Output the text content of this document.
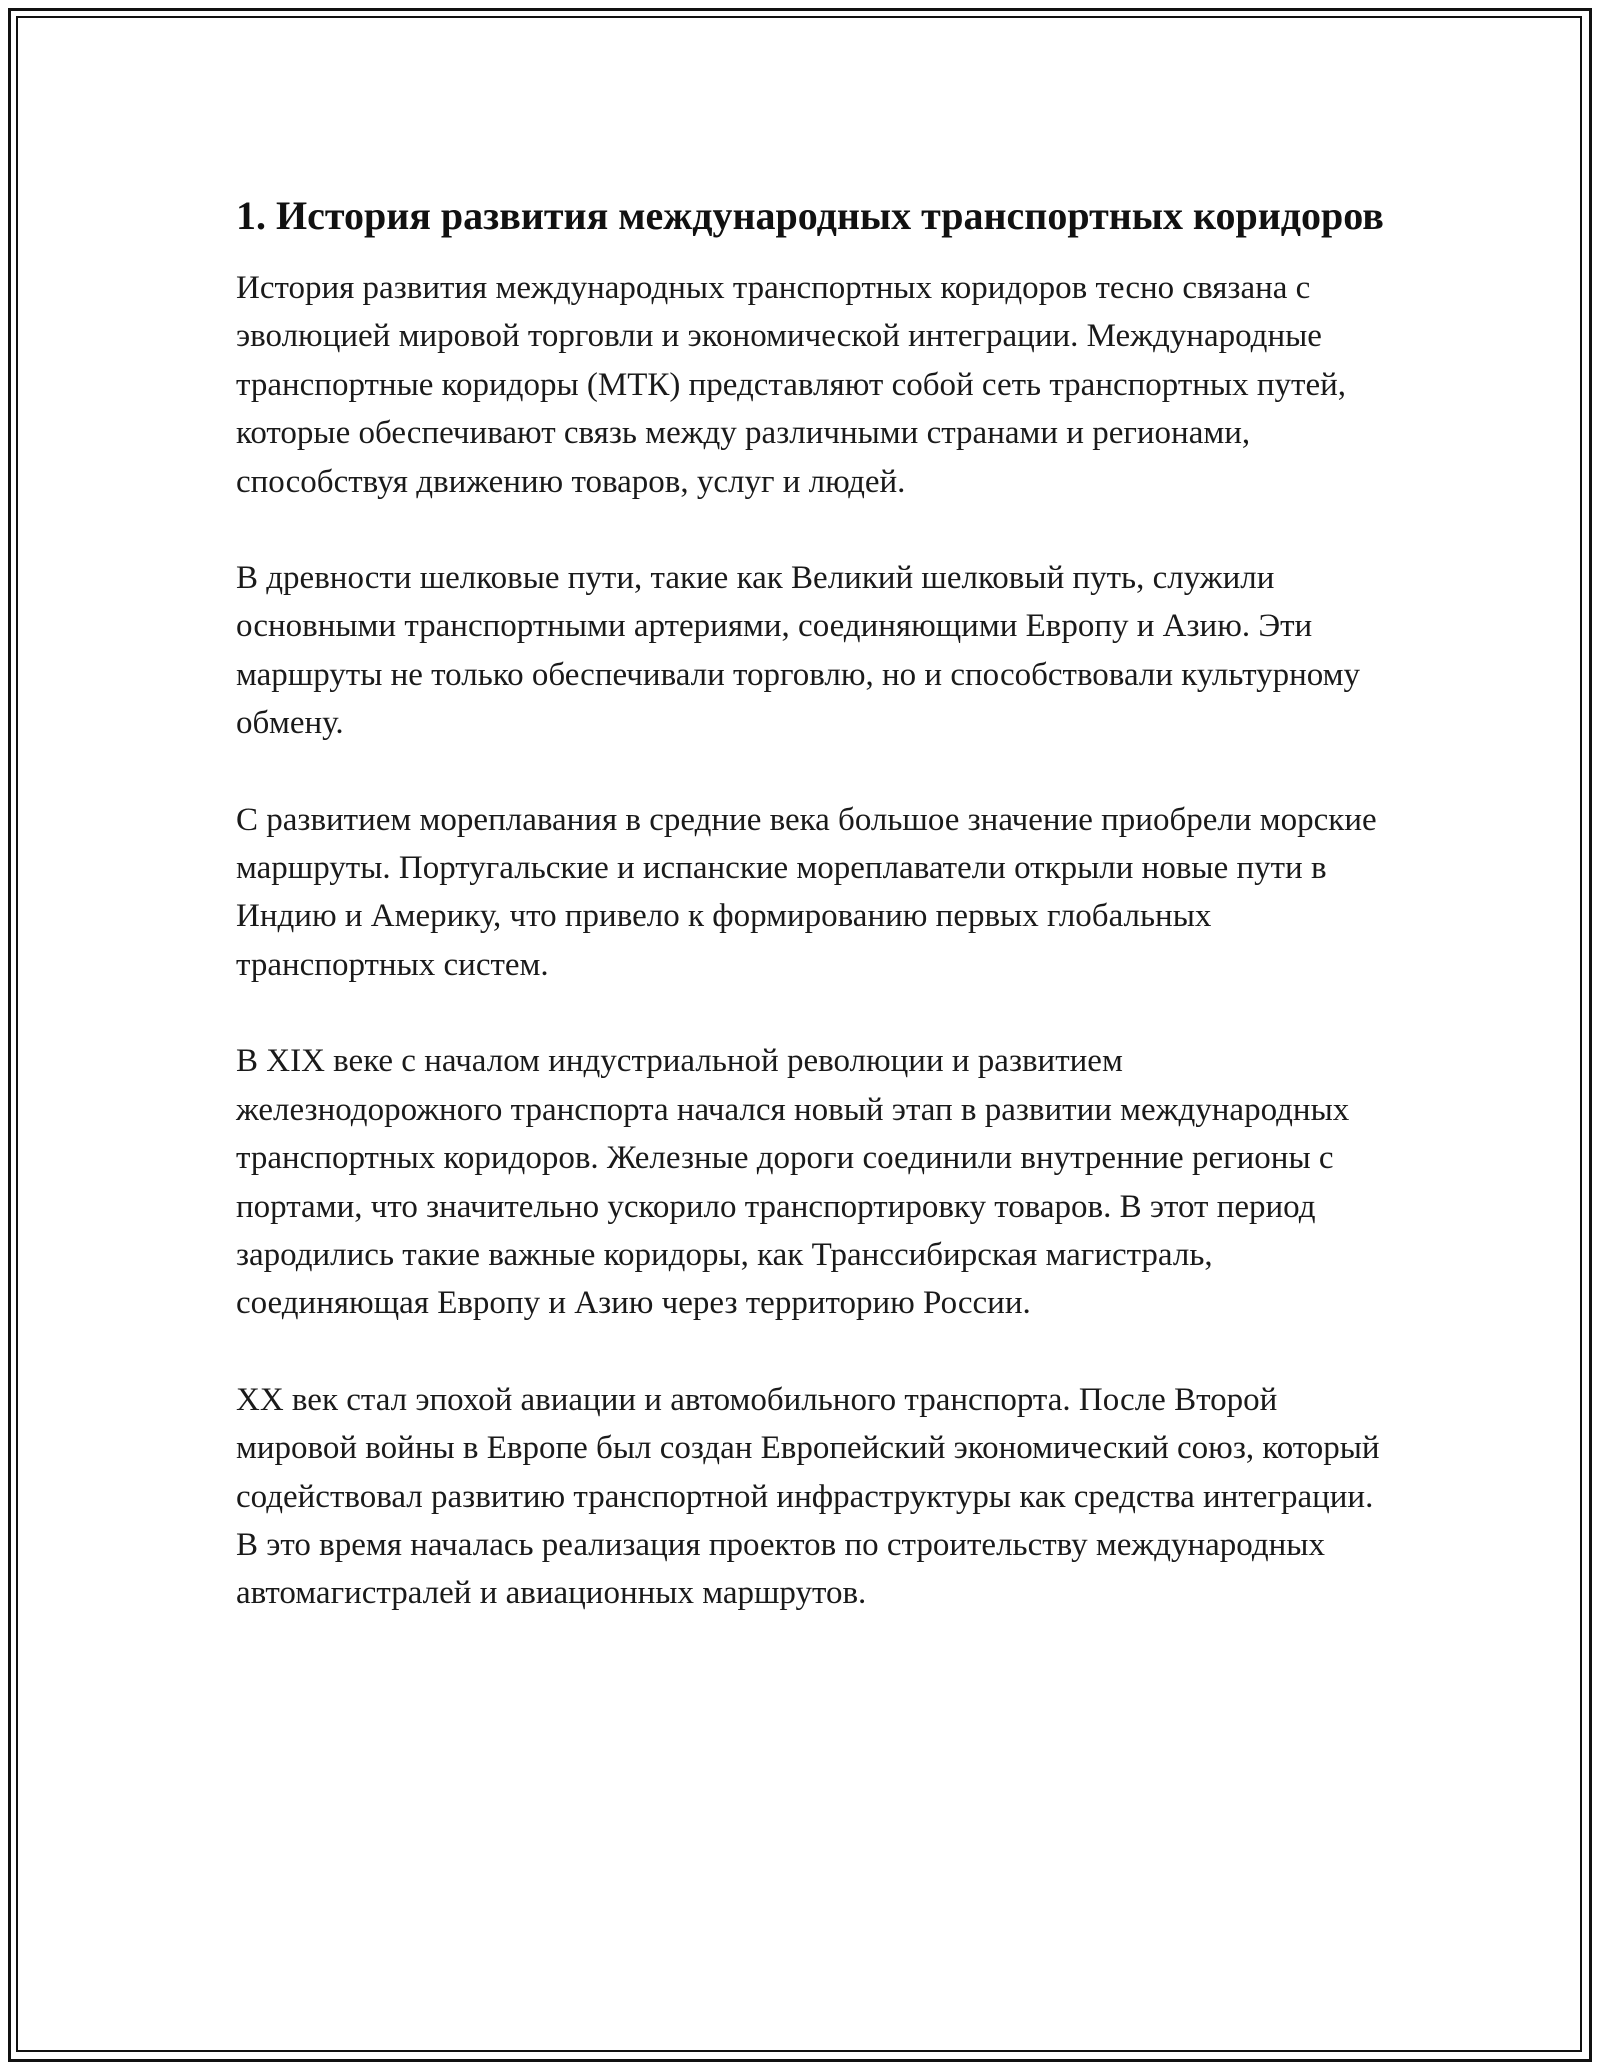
1. История развития международных транспортных коридоров

История развития международных транспортных коридоров тесно связана с эволюцией мировой торговли и экономической интеграции. Международные транспортные коридоры (МТК) представляют собой сеть транспортных путей, которые обеспечивают связь между различными странами и регионами, способствуя движению товаров, услуг и людей.

В древности шелковые пути, такие как Великий шелковый путь, служили основными транспортными артериями, соединяющими Европу и Азию. Эти маршруты не только обеспечивали торговлю, но и способствовали культурному обмену.

С развитием мореплавания в средние века большое значение приобрели морские маршруты. Португальские и испанские мореплаватели открыли новые пути в Индию и Америку, что привело к формированию первых глобальных транспортных систем.

В XIX веке с началом индустриальной революции и развитием железнодорожного транспорта начался новый этап в развитии международных транспортных коридоров. Железные дороги соединили внутренние регионы с портами, что значительно ускорило транспортировку товаров. В этот период зародились такие важные коридоры, как Транссибирская магистраль, соединяющая Европу и Азию через территорию России.

XX век стал эпохой авиации и автомобильного транспорта. После Второй мировой войны в Европе был создан Европейский экономический союз, который содействовал развитию транспортной инфраструктуры как средства интеграции. В это время началась реализация проектов по строительству международных автомагистралей и авиационных маршрутов.
